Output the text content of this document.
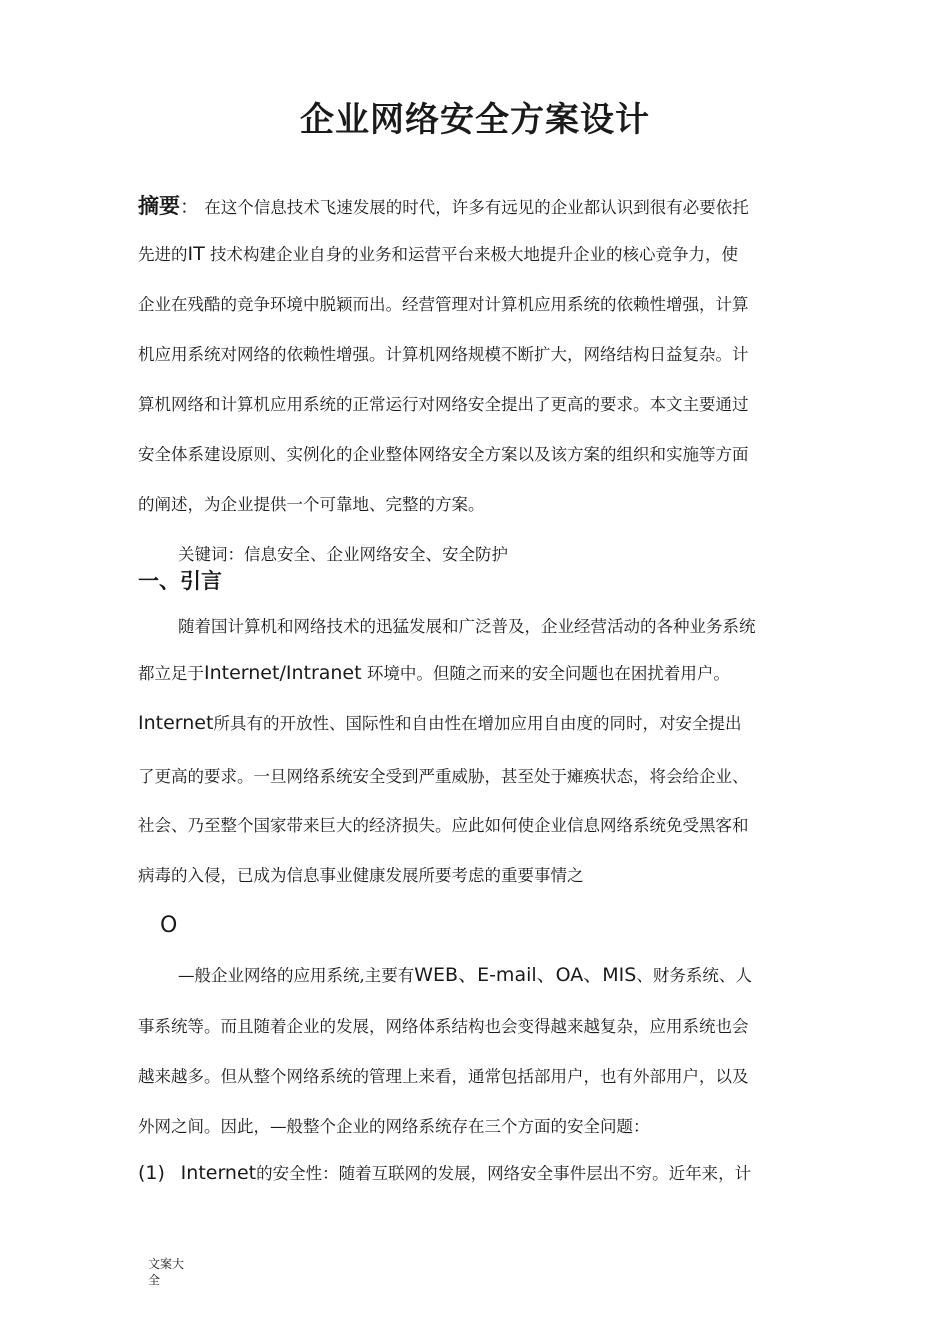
企业网络安全方案设计
摘要： 在这个信息技术飞速发展的时代，许多有远见的企业都认识到很有必要依托
先进的IT 技术构建企业自身的业务和运营平台来极大地提升企业的核心竞争力，使
企业在残酷的竞争环境中脱颖而出。经营管理对计算机应用系统的依赖性增强，计算
机应用系统对网络的依赖性增强。计算机网络规模不断扩大，网络结构日益复杂。计
算机网络和计算机应用系统的正常运行对网络安全提出了更高的要求。本文主要通过
安全体系建设原则、实例化的企业整体网络安全方案以及该方案的组织和实施等方面
的阐述，为企业提供一个可靠地、完整的方案。
关键词：信息安全、企业网络安全、安全防护
一、引言
随着国计算机和网络技术的迅猛发展和广泛普及，企业经营活动的各种业务系统
都立足于Internet/Intranet 环境中。但随之而来的安全问题也在困扰着用户。
Internet所具有的开放性、国际性和自由性在增加应用自由度的同时，对安全提出
了更高的要求。一旦网络系统安全受到严重威胁，甚至处于瘫痪状态，将会给企业、
社会、乃至整个国家带来巨大的经济损失。应此如何使企业信息网络系统免受黑客和
病毒的入侵，已成为信息事业健康发展所要考虑的重要事情之
O
—般企业网络的应用系统,主要有WEB、E-mail、OA、MIS、财务系统、人
事系统等。而且随着企业的发展，网络体系结构也会变得越来越复杂，应用系统也会
越来越多。但从整个网络系统的管理上来看，通常包括部用户，也有外部用户，以及
外网之间。因此，—般整个企业的网络系统存在三个方面的安全问题：
(1) Internet的安全性：随着互联网的发展，网络安全事件层出不穷。近年来，计
文案大
全
